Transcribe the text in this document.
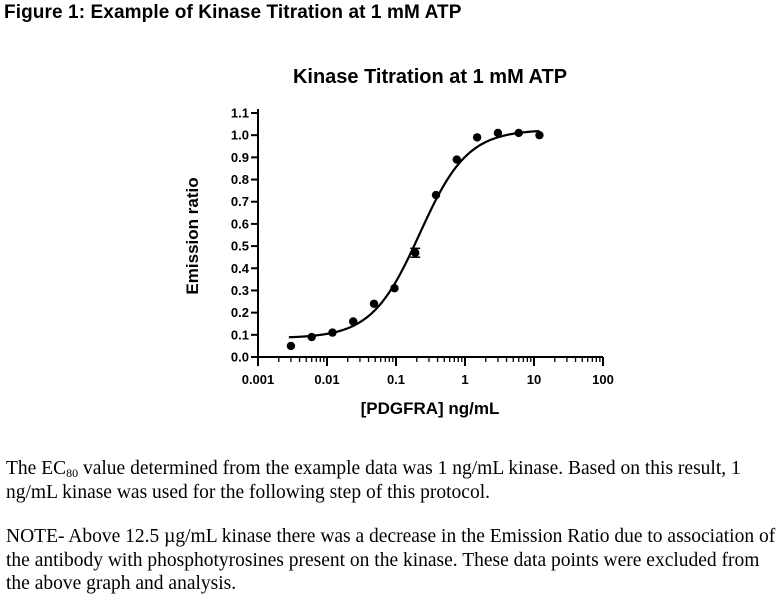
Figure 1: Example of Kinase Titration at 1 mM ATP
Kinase Titration at 1 mM ATP
0.0
0.1
0.2
0.3
0.4
0.5
0.6
0.7
0.8
0.9
1.0
1.1
0.001	0.01	0.1	1	10	100
[PDGFRA] ng/mL
Emission ratio
The $EC_{80}$ value determined from the example data was 1 ng/mL kinase. Based on this result, 1 ng/mL kinase was used for the following step of this protocol.
NOTE- Above 12.5 µg/mL kinase there was a decrease in the Emission Ratio due to association of the antibody with phosphotyrosines present on the kinase. These data points were excluded from the above graph and analysis.
